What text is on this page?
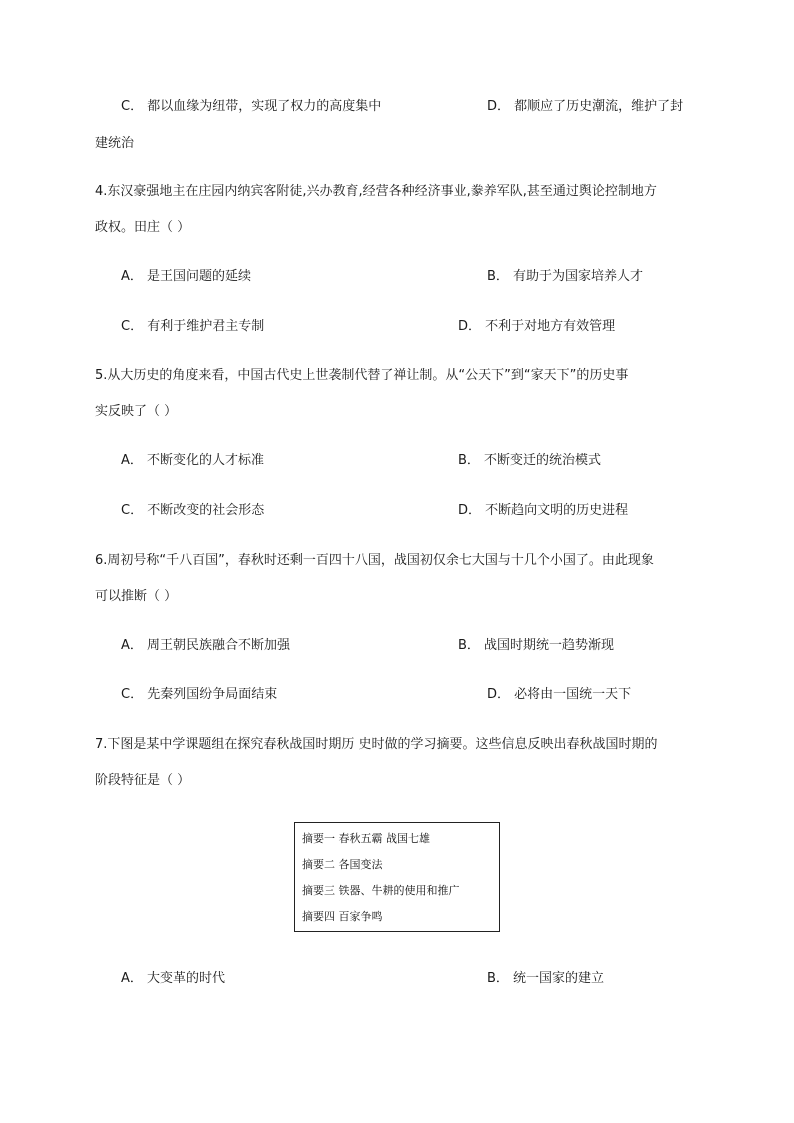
C． 都以血缘为纽带，实现了权力的高度集中	D． 都顺应了历史潮流，维护了封
建统治
4.东汉豪强地主在庄园内纳宾客附徒,兴办教育,经营各种经济事业,豢养军队,甚至通过舆论控制地方
政权。田庄（ ）
A． 是王国问题的延续	B． 有助于为国家培养人才
C． 有利于维护君主专制	D． 不利于对地方有效管理
5.从大历史的角度来看，中国古代史上世袭制代替了禅让制。从“公天下”到“家天下”的历史事
实反映了（ ）
A． 不断变化的人才标准	B． 不断变迁的统治模式
C． 不断改变的社会形态	D． 不断趋向文明的历史进程
6.周初号称“千八百国”，春秋时还剩一百四十八国，战国初仅余七大国与十几个小国了。由此现象
可以推断（ ）
A． 周王朝民族融合不断加强	B． 战国时期统一趋势渐现
C． 先秦列国纷争局面结束	D． 必将由一国统一天下
7.下图是某中学课题组在探究春秋战国时期历 史时做的学习摘要。这些信息反映出春秋战国时期的
阶段特征是（ ）
摘要一 春秋五霸 战国七雄
摘要二 各国变法
摘要三 铁器、牛耕的使用和推广
摘要四 百家争鸣
A． 大变革的时代	B． 统一国家的建立
